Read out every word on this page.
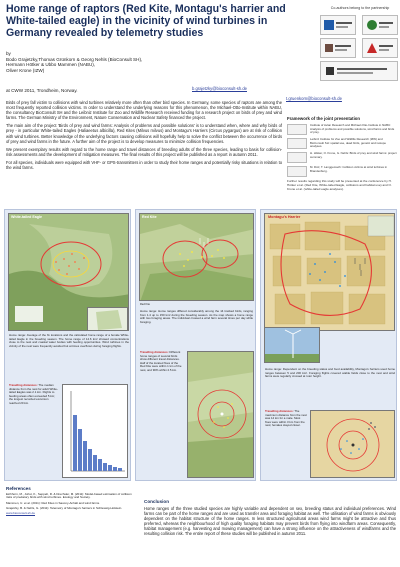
Home range of raptors (Red Kite, Montagu's harrier and White-tailed eagle) in the vicinity of wind turbines in Germany revealed by telemetry studies
by
Bodo Grajetzky,Thomas Grünkorn & Georg Nehls (BioConsult SH),
Hermann Hötker & Ubbo Mammen (NABU),
Oliver Krone (IZW)
at CWW 2011, Trondheim, Norway.	b.grajetzky@bioconsult-sh.de
t.gruenkorn@bioconsult-sh.de
Co-authors belong to the partnership

Birds of prey fall victim to collisions with wind turbines relatively more often than other bird species. In Germany, some species of raptors are among the most frequently reported collision victims. In order to understand the underlying reasons for this phenomenon, the Michael-Otto-Institute within NABU, the consultancy BioConsult SH and the Leibniz Institute for Zoo and Wildlife Research received funding for a research project on birds of prey and wind farms. The German Ministry of the Environment, Nature Conservation and Nuclear Safety financed the project.

The main aim of the project 'Birds of prey and wind farms: Analysis of problems and possible solutions' is to understand when, where and why birds of prey - in particular White-tailed Eagles (Haliaeetus albicilla), Red Kites (Milvus milvus) and Montagu's Harriers (Circus pygargus) are at risk of collision with wind turbines. Better knowledge of the underlying factors causing collisions will hopefully help to solve the conflict between the occurrence of birds of prey and wind farms in the future. A further aim of the project is to develop measures to minimize collision frequencies.

We present exemplary results with regard to the home range and travel distances of breeding adults of the three species, leading to basis for collision-risk assessments and the development of mitigation measures. The final results of this project will be published as a report in autumn 2011.

For all species, individuals were equipped with VHF- or GPS-transmitters in order to study their home ranges and potentially risky situations in relation to the wind farms.

Framework of the joint presentation
Institute of Avian Research and Michael-Otto-Institute in NABU: Analysis of problems and possible solutions, wind farms and birds of prey.
Leibniz Institute for Zoo and Wildlife Research (IZW) and BioConsult SH: spatial use, dead birds, genetic and isotope analyses.
H. Hötker, O. Krone, G. Nehls: Birds of prey and wind farms: project summary.
M. Dürr, T. Langgemach: Collision victims at wind turbines in Brandenburg.
Further results regarding this study will be presented at the conference by H. Hötker et al. (Red Kite, White-tailed Eagle, collisions and habitat use) and O. Krone et al. (white-tailed eagle analyses).
White-tailed Eagle
Home range: Average of the fix locations and the calculated home range of a female White-tailed Eagle in the breeding season. The home range of 14.6 km² showed concentrations close to the nest and coastal water bodies with feeding opportunities. Wind turbines in the vicinity of the nest were frequently avoided but at times overflown during foraging flights.
Travelling distances: The median distance from the nest for adult White-tailed Eagles was 2.1 km. Flights to feeding areas often exceeded 5 km; the longest recorded excursion reached 20 km.
Red Kite
Red Kite
Home range: Home ranges differed considerably among the 14 tracked birds, ranging from 1.4 up to 150 km² during the breeding season. As the map shows a home range with two foraging areas. The individual crossed a wind farm several times per day while foraging.
Travelling distances: Different home ranges of several birds show different travel distances. Half of the located fixes of the Red Kite were within 1 km of the nest, and 90% within 2.5 km.
Montagu's Harrier
Home range: Dependent on the breeding status and food availability, Montagu's harriers used home ranges between 5 and 200 km². Foraging flights covered arable fields close to the nest and wind farms were regularly crossed at rotor height.
Travelling distances: The maximum distance from the nest was 14 km for a male. Most fixes were within 3 km from the nest; females stayed closer.
References

Eichhorn, M., Johst, K., Seppelt, R. & Drechsler, M. (2011): Model-based estimation of collision risks of predatory birds with wind turbines. Ecology and Society.

Mammen, U. et al. (2011): Red Kites in Saxony-Anhalt and wind farms.

Grajetzky, B. & Nehls, G. (2011): Telemetry of Montagu's harriers in Schleswig-Holstein.

www.bioconsult-sh.de

Conclusion
Home ranges of the three studied species are highly variable and dependent on sex, breeding status and individual preferences. Wind farms can be part of the home ranges and are used as transfer area and foraging habitat as well. The utilisation of wind farms is obviously dependent on the habitat structure of the home ranges. In less structured agricultural areas wind farms might be attractive and thus preferred, whereas the neighbourhood of high quality foraging habitats may prevent birds from flying into windfarm areas. Consequently, habitat management (e.g. harvesting and mowing management) can have a strong influence on the attractiveness of windfarms and the resulting collision risk. The entire report of these studies will be published in autumn 2011.
